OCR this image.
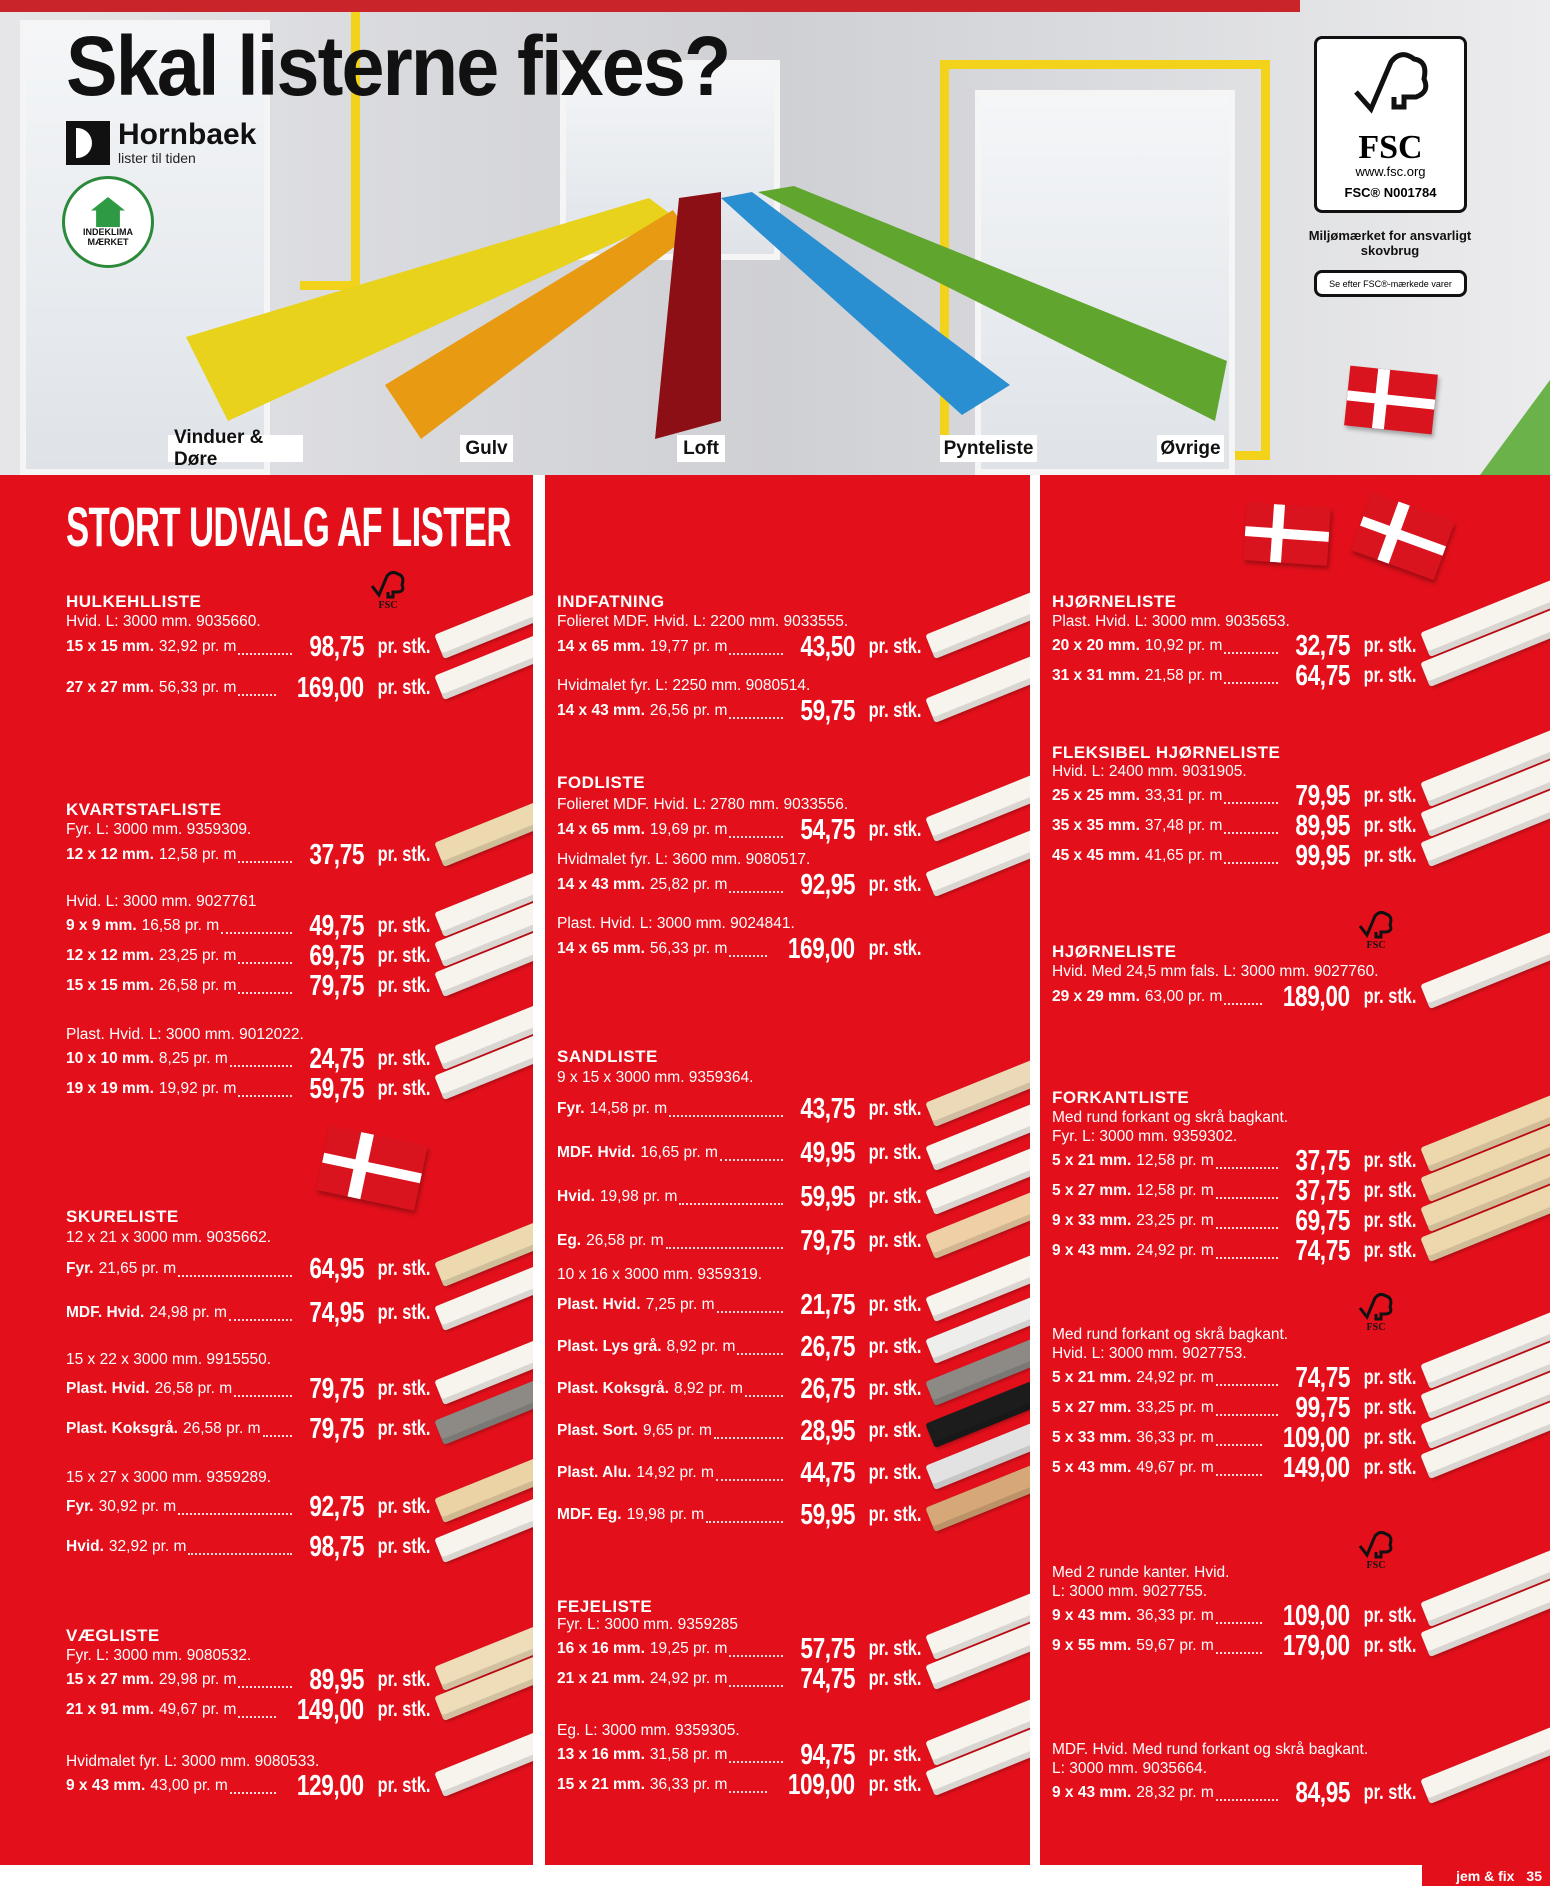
Skal listerne fixes?
Hornbaek
lister til tiden
INDEKLIMA MÆRKET
Vinduer & Døre
Gulv	Loft	Pynteliste	Øvrige
FSC
www.fsc.org
FSC® N001784
Miljømærket for ansvarligt skovbrug
Se efter FSC®-mærkede varer
HULKEHLLISTE
Hvid. L: 3000 mm. 9035660.
15 x 15 mm. 32,92 pr. m	98,75 pr. stk.
27 x 27 mm. 56,33 pr. m 169,00 pr. stk.
KVARTSTAFLISTE
Fyr. L: 3000 mm. 9359309.
12 x 12 mm. 12,58 pr. m	37,75 pr. stk.
Hvid. L: 3000 mm. 9027761
9 x 9 mm. 16,58 pr. m	49,75 pr. stk.
12 x 12 mm. 23,25 pr. m	69,75 pr. stk.
15 x 15 mm. 26,58 pr. m	79,75 pr. stk.
Plast. Hvid. L: 3000 mm. 9012022.
10 x 10 mm. 8,25 pr. m	24,75 pr. stk.
19 x 19 mm. 19,92 pr. m	59,75 pr. stk.
SKURELISTE
12 x 21 x 3000 mm. 9035662.
Fyr. 21,65 pr. m	64,95 pr. stk.
MDF. Hvid. 24,98 pr. m	74,95 pr. stk.
15 x 22 x 3000 mm. 9915550.
Plast. Hvid. 26,58 pr. m	79,75 pr. stk.
Plast. Koksgrå. 26,58 pr. m 79,75 pr. stk.
15 x 27 x 3000 mm. 9359289.
Fyr. 30,92 pr. m	92,75 pr. stk.
Hvid. 32,92 pr. m	98,75 pr. stk.
VÆGLISTE
Fyr. L: 3000 mm. 9080532.
15 x 27 mm. 29,98 pr. m	89,95 pr. stk.
21 x 91 mm. 49,67 pr. m 149,00 pr. stk.
Hvidmalet fyr. L: 3000 mm. 9080533.
9 x 43 mm. 43,00 pr. m 129,00 pr. stk.
INDFATNING
Folieret MDF. Hvid. L: 2200 mm. 9033555.
14 x 65 mm. 19,77 pr. m	43,50 pr. stk.
Hvidmalet fyr. L: 2250 mm. 9080514.
14 x 43 mm. 26,56 pr. m	59,75 pr. stk.
FODLISTE
Folieret MDF. Hvid. L: 2780 mm. 9033556.
14 x 65 mm. 19,69 pr. m	54,75 pr. stk.
Hvidmalet fyr. L: 3600 mm. 9080517.
14 x 43 mm. 25,82 pr. m	92,95 pr. stk.
Plast. Hvid. L: 3000 mm. 9024841.
14 x 65 mm. 56,33 pr. m 169,00 pr. stk.
SANDLISTE
9 x 15 x 3000 mm. 9359364.
Fyr. 14,58 pr. m	43,75 pr. stk.
MDF. Hvid. 16,65 pr. m	49,95 pr. stk.
Hvid. 19,98 pr. m	59,95 pr. stk.
Eg. 26,58 pr. m	79,75 pr. stk.
10 x 16 x 3000 mm. 9359319.
Plast. Hvid. 7,25 pr. m	21,75 pr. stk.
Plast. Lys grå. 8,92 pr. m 26,75 pr. stk.
Plast. Koksgrå. 8,92 pr. m 26,75 pr. stk.
Plast. Sort. 9,65 pr. m	28,95 pr. stk.
Plast. Alu. 14,92 pr. m	44,75 pr. stk.
MDF. Eg. 19,98 pr. m	59,95 pr. stk.
FEJELISTE
Fyr. L: 3000 mm. 9359285
16 x 16 mm. 19,25 pr. m	57,75 pr. stk.
21 x 21 mm. 24,92 pr. m	74,75 pr. stk.
Eg. L: 3000 mm. 9359305.
13 x 16 mm. 31,58 pr. m	94,75 pr. stk.
15 x 21 mm. 36,33 pr. m 109,00 pr. stk.
HJØRNELISTE
Plast. Hvid. L: 3000 mm. 9035653.
20 x 20 mm. 10,92 pr. m	32,75 pr. stk.
31 x 31 mm. 21,58 pr. m	64,75 pr. stk.
FLEKSIBEL HJØRNELISTE
Hvid. L: 2400 mm. 9031905.
25 x 25 mm. 33,31 pr. m	79,95 pr. stk.
35 x 35 mm. 37,48 pr. m	89,95 pr. stk.
45 x 45 mm. 41,65 pr. m	99,95 pr. stk.
HJØRNELISTE
Hvid. Med 24,5 mm fals. L: 3000 mm. 9027760.
29 x 29 mm. 63,00 pr. m 189,00 pr. stk.
FORKANTLISTE
Med rund forkant og skrå bagkant.
Fyr. L: 3000 mm. 9359302.
5 x 21 mm. 12,58 pr. m	37,75 pr. stk.
5 x 27 mm. 12,58 pr. m	37,75 pr. stk.
9 x 33 mm. 23,25 pr. m	69,75 pr. stk.
9 x 43 mm. 24,92 pr. m	74,75 pr. stk.
Med rund forkant og skrå bagkant.
Hvid. L: 3000 mm. 9027753.
5 x 21 mm. 24,92 pr. m	74,75 pr. stk.
5 x 27 mm. 33,25 pr. m	99,75 pr. stk.
5 x 33 mm. 36,33 pr. m 109,00 pr. stk.
5 x 43 mm. 49,67 pr. m 149,00 pr. stk.
Med 2 runde kanter. Hvid.
L: 3000 mm. 9027755.
9 x 43 mm. 36,33 pr. m 109,00 pr. stk.
9 x 55 mm. 59,67 pr. m 179,00 pr. stk.
MDF. Hvid. Med rund forkant og skrå bagkant.
L: 3000 mm. 9035664.
9 x 43 mm. 28,32 pr. m	84,95 pr. stk.
STORT UDVALG AF LISTER
jem & fix 35
FSC
FSC
FSC
FSC
